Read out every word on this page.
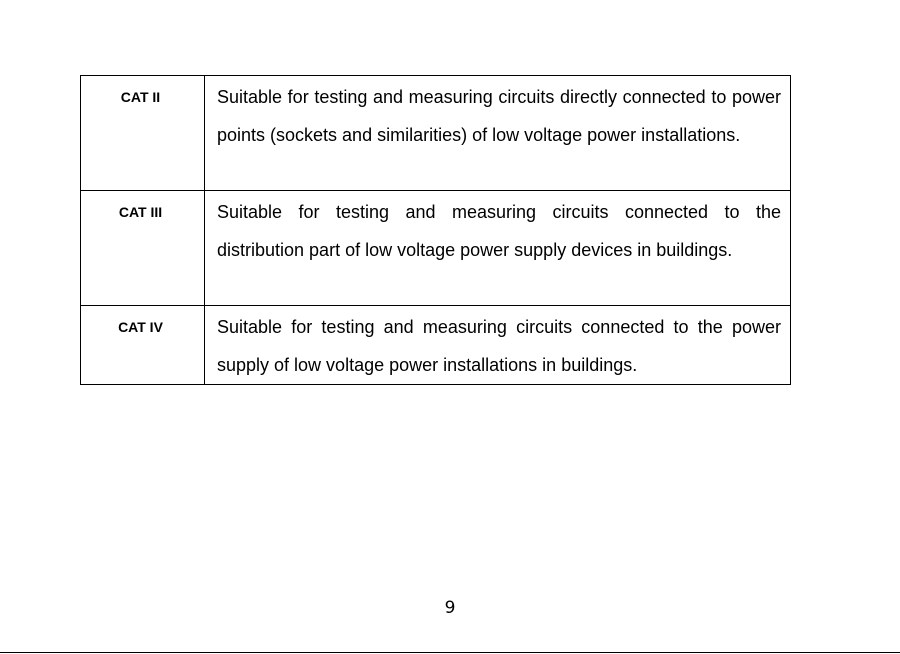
CAT II	Suitable for testing and measuring circuits directly connected to power points (sockets and similarities) of low voltage power installations.
CAT III	Suitable for testing and measuring circuits connected to the distribution part of low voltage power supply devices in buildings.
CAT IV	Suitable for testing and measuring circuits connected to the power supply of low voltage power installations in buildings.
9
